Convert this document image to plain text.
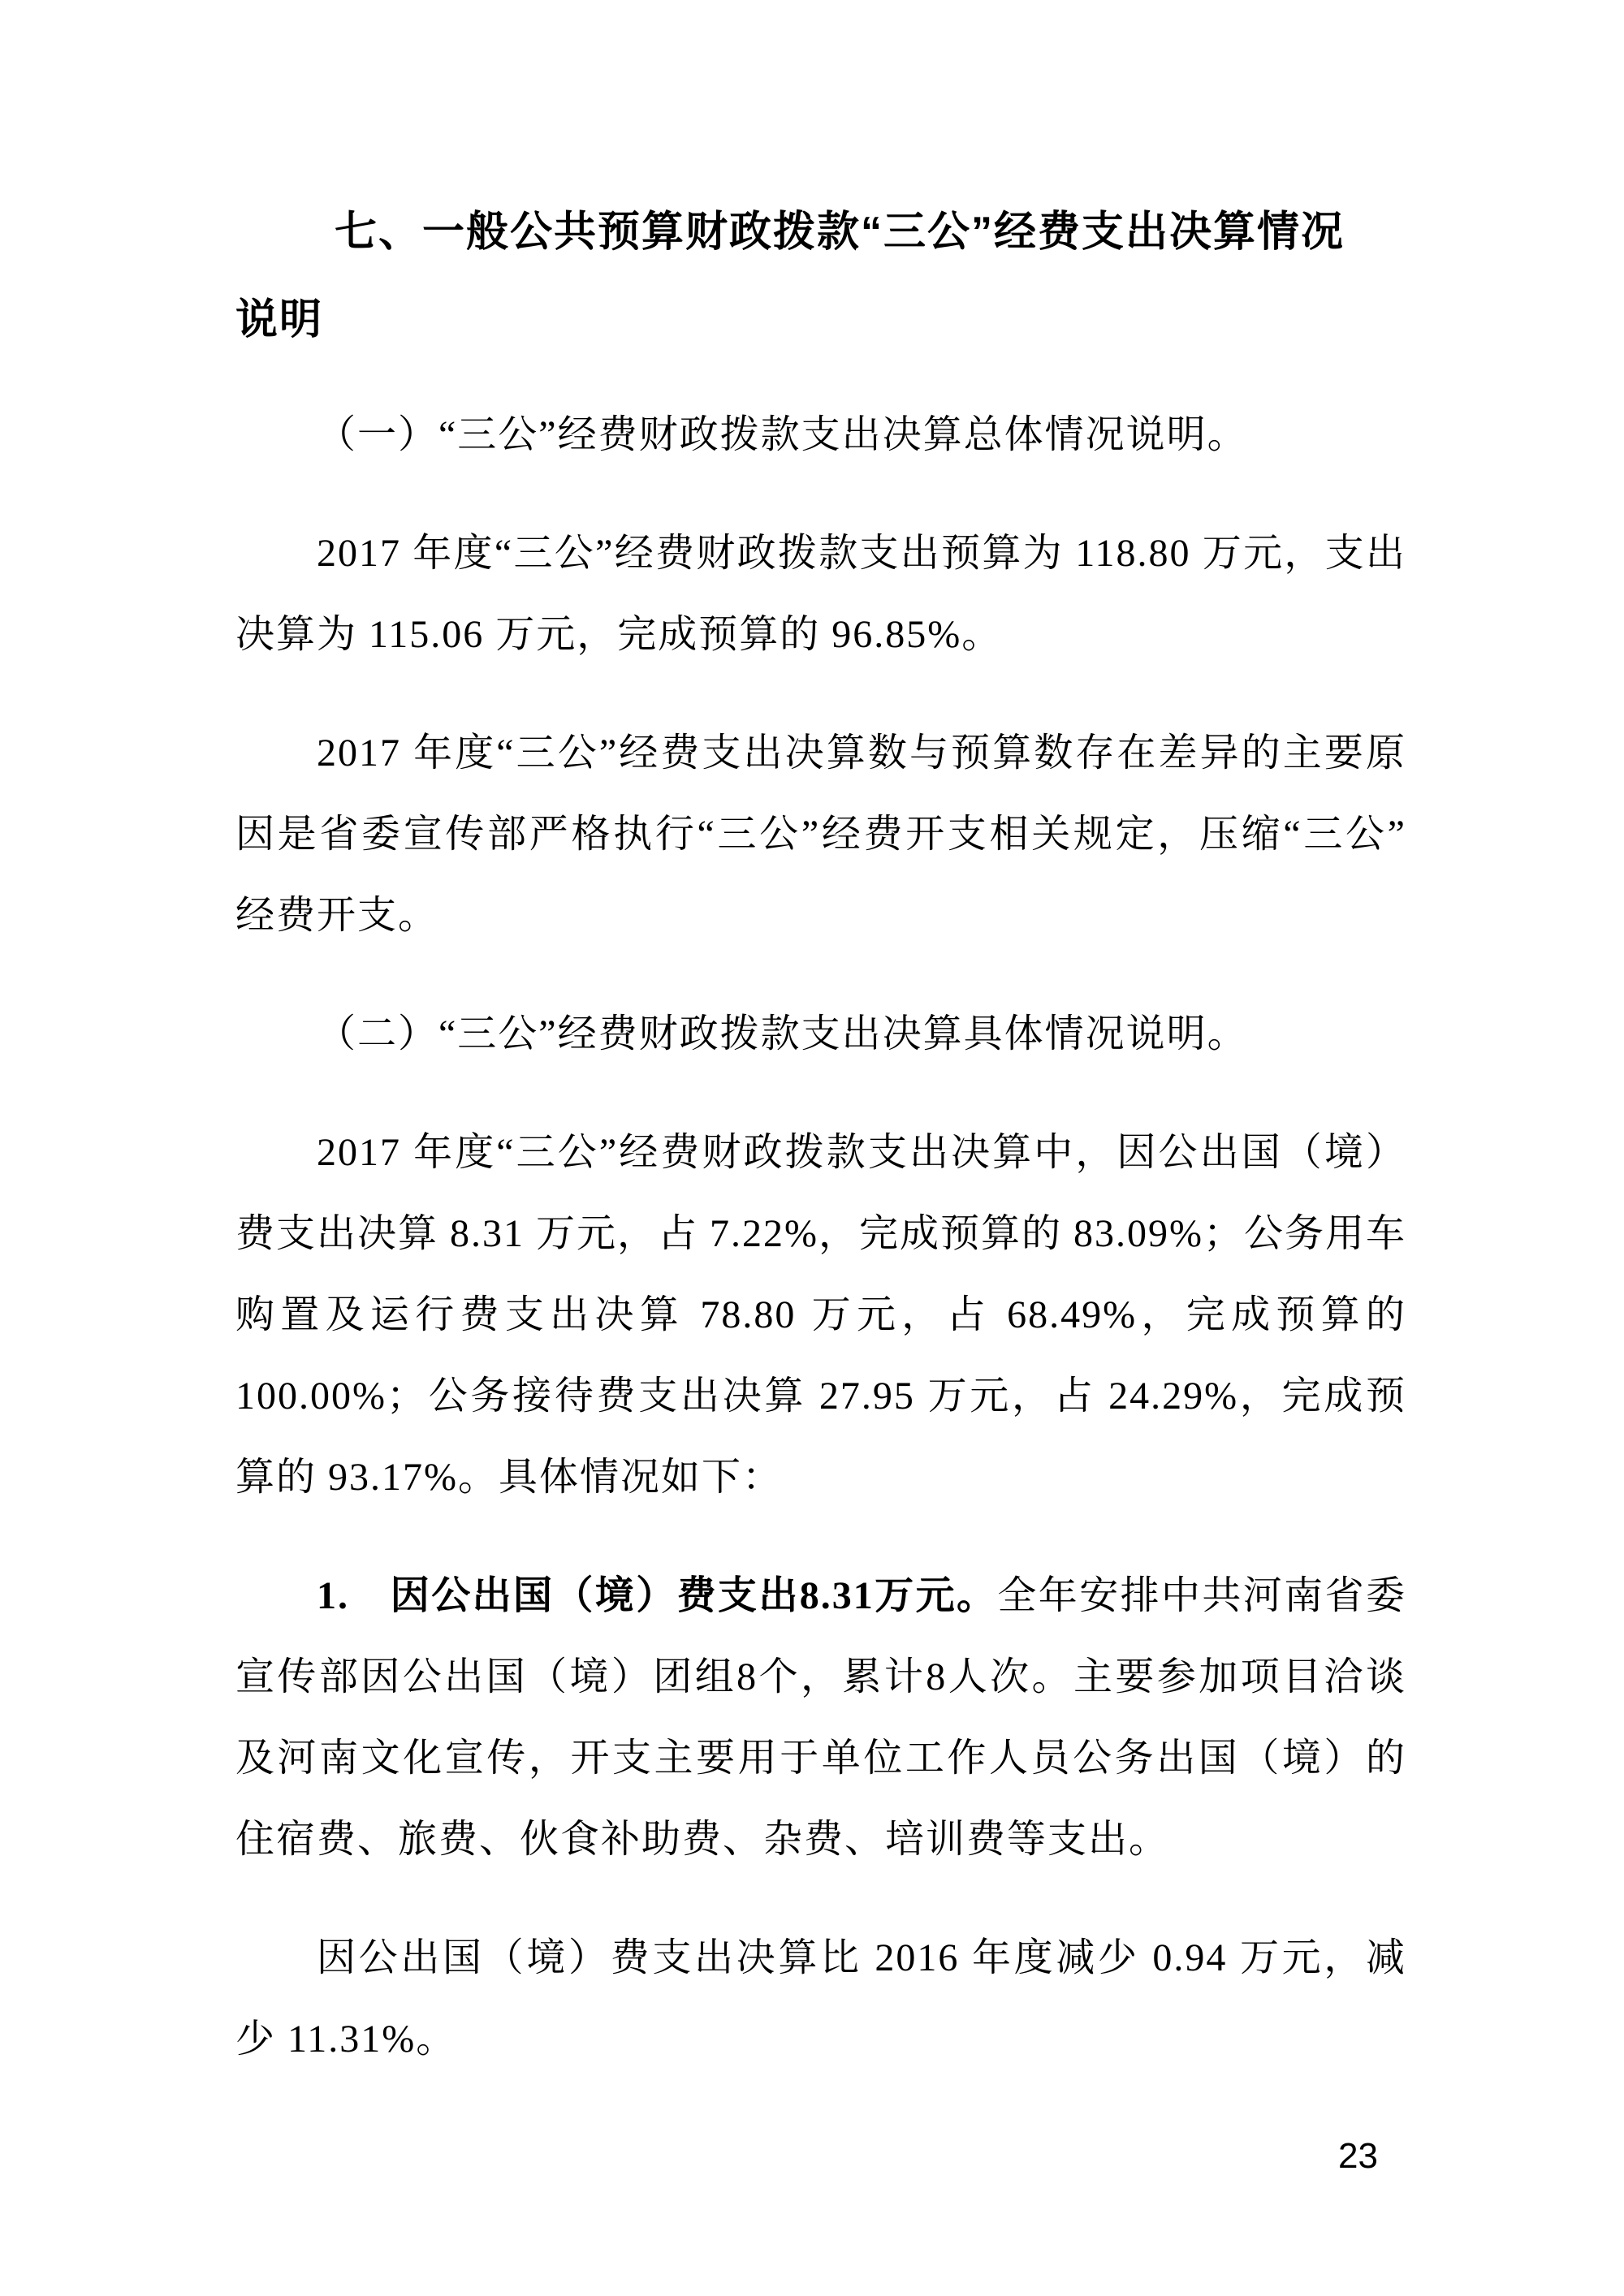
七、一般公共预算财政拨款“三公”经费支出决算情况
说明

（一）“三公”经费财政拨款支出决算总体情况说明。

2017 年度“三公”经费财政拨款支出预算为 118.80 万元，支出决算为 115.06 万元，完成预算的 96.85%。

2017 年度“三公”经费支出决算数与预算数存在差异的主要原因是省委宣传部严格执行“三公”经费开支相关规定，压缩“三公”经费开支。

（二）“三公”经费财政拨款支出决算具体情况说明。

2017 年度“三公”经费财政拨款支出决算中，因公出国（境）费支出决算 8.31 万元，占 7.22%，完成预算的 83.09%；公务用车购置及运行费支出决算 78.80 万元，占 68.49%，完成预算的 100.00%；公务接待费支出决算 27.95 万元，占 24.29%，完成预算的 93.17%。具体情况如下：

1.　因公出国（境）费支出8.31万元。全年安排中共河南省委宣传部因公出国（境）团组8个，累计8人次。主要参加项目洽谈及河南文化宣传，开支主要用于单位工作人员公务出国（境）的住宿费、旅费、伙食补助费、杂费、培训费等支出。

因公出国（境）费支出决算比 2016 年度减少 0.94 万元，减少 11.31%。

23
